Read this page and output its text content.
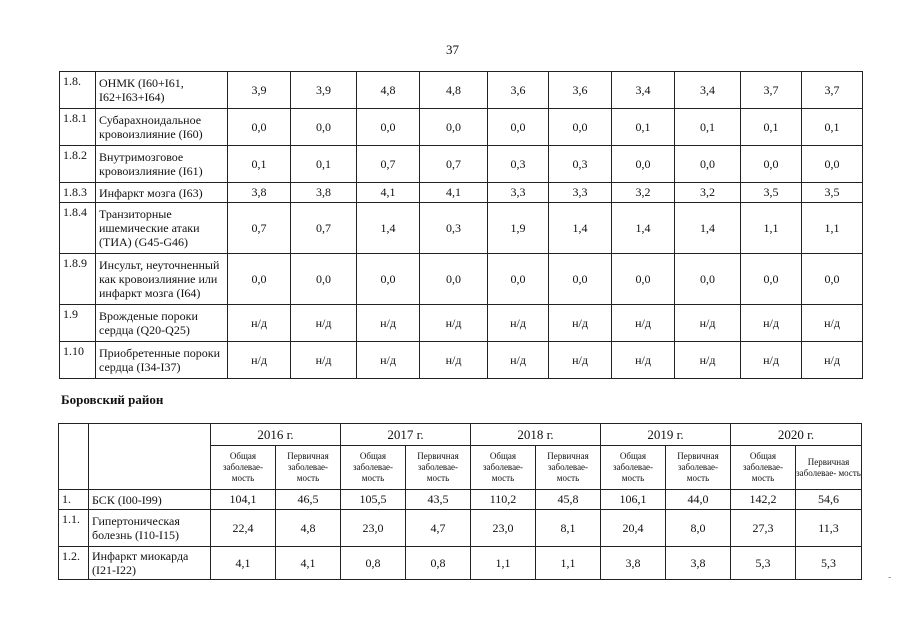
37
1.8.	ОНМК (I60+I61, I62+I63+I64)	3,9	3,9	4,8	4,8	3,6	3,6	3,4	3,4	3,7	3,7
1.8.1	Субарахноидальное кровоизлияние (I60)	0,0	0,0	0,0	0,0	0,0	0,0	0,1	0,1	0,1	0,1
1.8.2	Внутримозговое кровоизлияние (I61)	0,1	0,1	0,7	0,7	0,3	0,3	0,0	0,0	0,0	0,0
1.8.3	Инфаркт мозга (I63)	3,8	3,8	4,1	4,1	3,3	3,3	3,2	3,2	3,5	3,5
1.8.4	Транзиторные ишемические атаки (ТИА) (G45-G46)	0,7	0,7	1,4	0,3	1,9	1,4	1,4	1,4	1,1	1,1
1.8.9	Инсульт, неуточненный как кровоизлияние или инфаркт мозга (I64)	0,0	0,0	0,0	0,0	0,0	0,0	0,0	0,0	0,0	0,0
1.9	Врожденые пороки сердца (Q20-Q25)	н/д	н/д	н/д	н/д	н/д	н/д	н/д	н/д	н/д	н/д
1.10	Приобретенные пороки сердца (I34-I37)	н/д	н/д	н/д	н/д	н/д	н/д	н/д	н/д	н/д	н/д
Боровский район
		2016 г.		2017 г.		2018 г.		2019 г.		2020 г.	
		Общая заболевае- мость	Первичная заболевае- мость	Общая заболевае- мость	Первичная заболевае- мость	Общая заболевае- мость	Первичная заболевае- мость	Общая заболевае- мость	Первичная заболевае- мость	Общая заболевае- мость	Первичная заболевае- мость
1.	БСК (I00-I99)	104,1	46,5	105,5	43,5	110,2	45,8	106,1	44,0	142,2	54,6
1.1.	Гипертоническая болезнь (I10-I15)	22,4	4,8	23,0	4,7	23,0	8,1	20,4	8,0	27,3	11,3
1.2.	Инфаркт миокарда (I21-I22)	4,1	4,1	0,8	0,8	1,1	1,1	3,8	3,8	5,3	5,3
-
